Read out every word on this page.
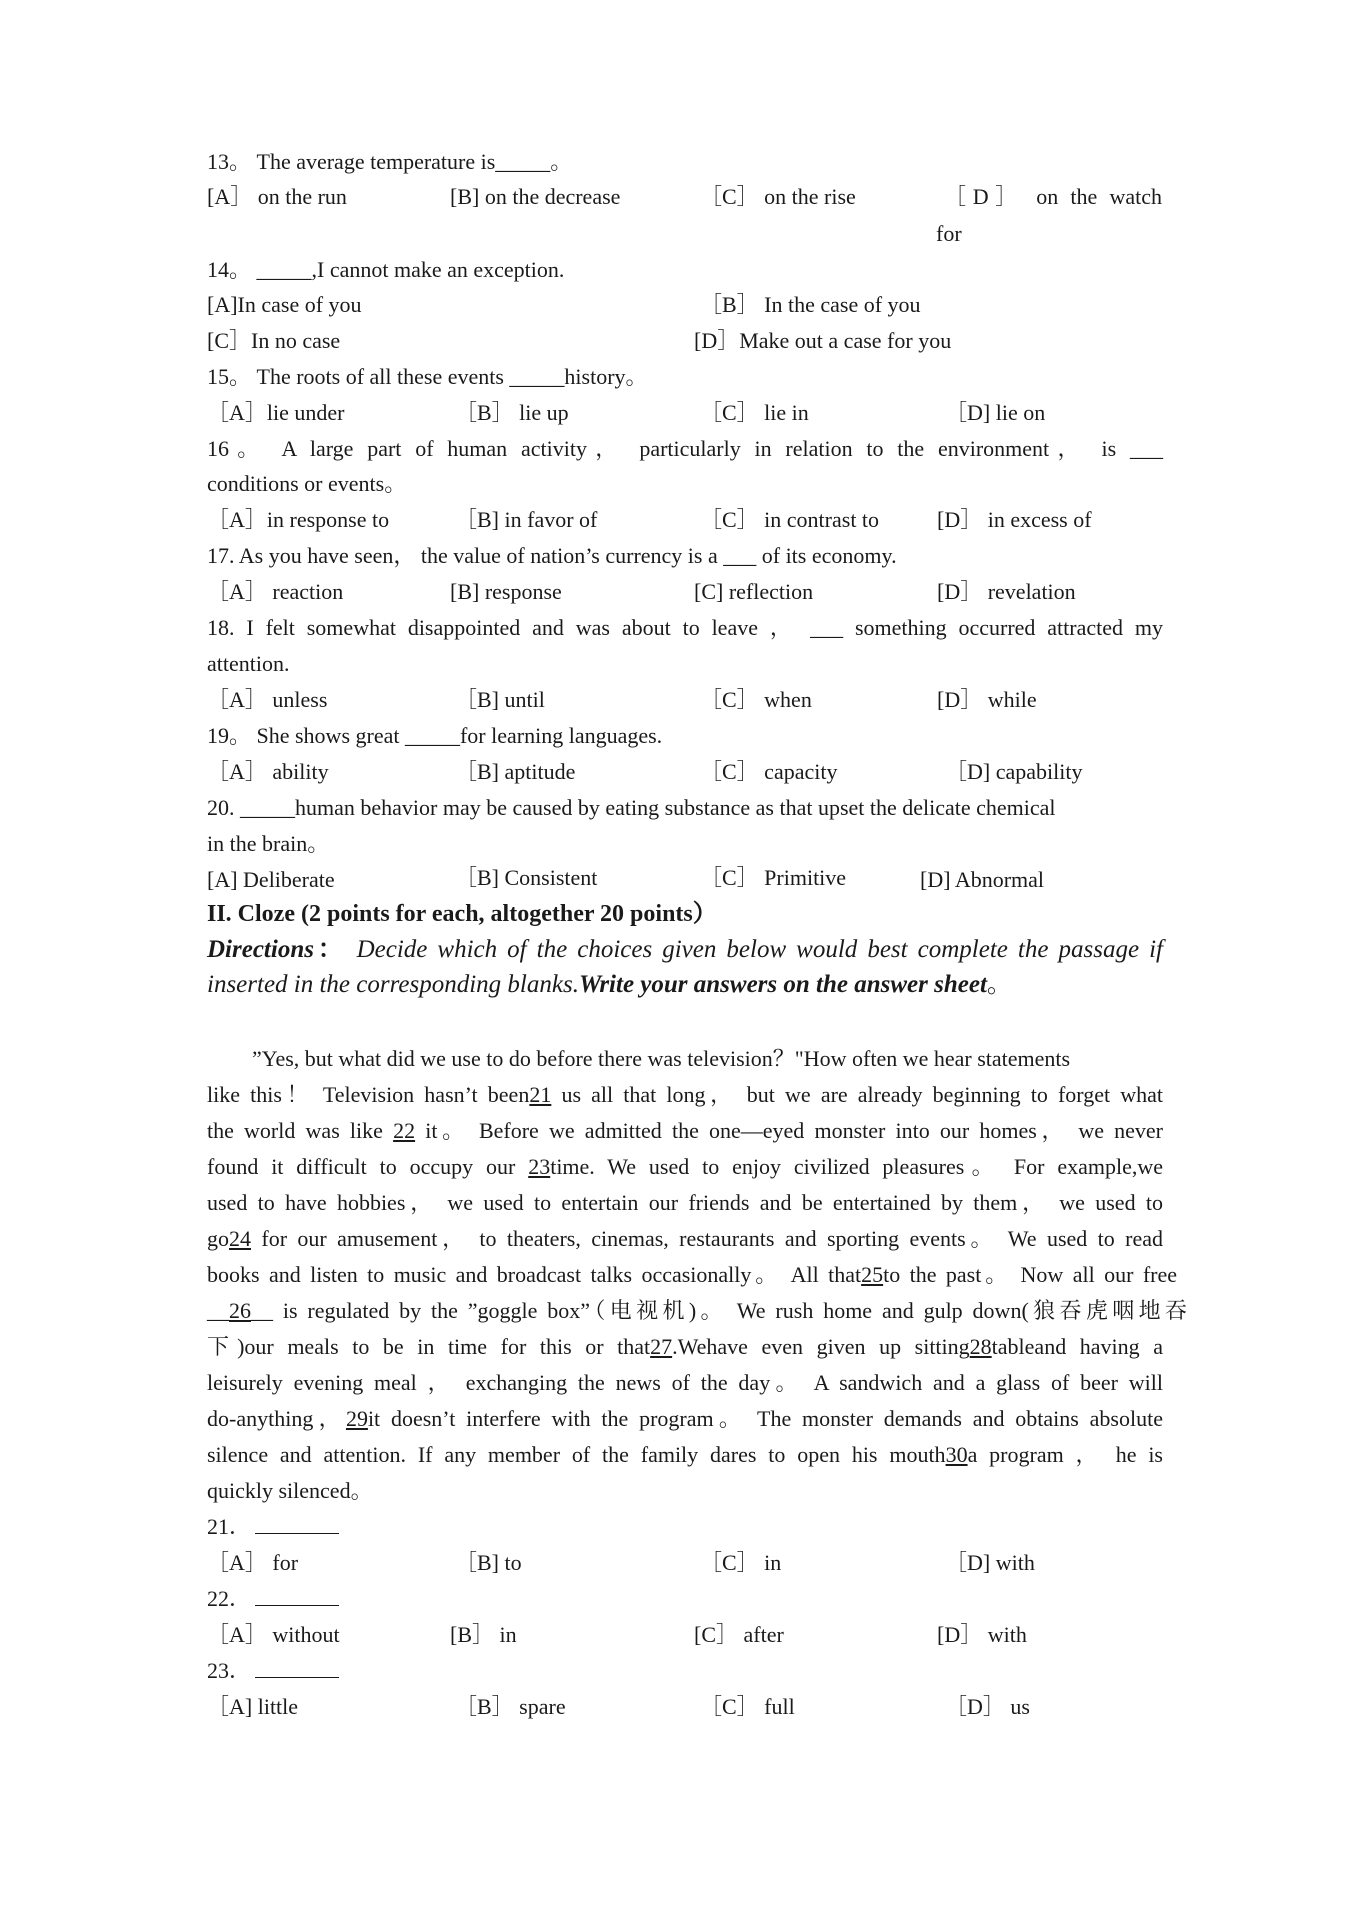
13。 The average temperature is_____。
[A］ on the run	[B] on the decrease	［C］ on the rise	［D］ on the watch
for
14。 _____,I cannot make an exception.
[A]In case of you	［B］ In the case of you
[C］In no case	[D］Make out a case for you
15。 The roots of all these events _____history。
［A］lie under	［B］ lie up	［C］ lie in	［D] lie on
16。 A large part of human activity， particularly in relation to the environment， is ___
conditions or events。
［A］in response to	［B] in favor of	［C］ in contrast to	[D］ in excess of
17. As you have seen， the value of nation’s currency is a ___ of its economy.
［A］ reaction	[B] response	[C] reflection	[D］ revelation
18. I felt somewhat disappointed and was about to leave ， ___ something occurred attracted my
attention.
［A］ unless	［B] until	［C］ when	[D］ while
19。 She shows great _____for learning languages.
［A］ ability	［B] aptitude	［C］ capacity	［D] capability
20. _____human behavior may be caused by eating substance as that upset the delicate chemical
in the brain。
[A] Deliberate	［B] Consistent	［C］ Primitive	[D] Abnormal
II. Cloze (2 points for each, altogether 20 points）
Directions： Decide which of the choices given below would best complete the passage if inserted in the corresponding blanks.Write your answers on the answer sheet。
”Yes, but what did we use to do before there was television？"How often we hear statements
like this！ Television hasn’t been21 us all that long， but we are already beginning to forget what
the world was like 22 it。 Before we admitted the one—eyed monster into our homes， we never
found it difficult to occupy our 23time. We used to enjoy civilized pleasures。 For example,we
used to have hobbies， we used to entertain our friends and be entertained by them， we used to
go24 for our amusement， to theaters, cinemas, restaurants and sporting events。 We used to read
books and listen to music and broadcast talks occasionally。 All that25to the past。 Now all our free
__26__ is regulated by the ”goggle box”（电视机)。 We rush home and gulp down(狼吞虎咽地吞
下)our meals to be in time for this or that27.Wehave even given up sitting28tableand having a
leisurely evening meal ， exchanging the news of the day。 A sandwich and a glass of beer will
do-anything，29it doesn’t interfere with the program。 The monster demands and obtains absolute
silence and attention. If any member of the family dares to open his mouth30a program ， he is
quickly silenced。
21．
［A］ for	［B] to	［C］ in	［D] with
22．
［A］ without	[B］ in	[C］ after	[D］ with
23．
［A] little	［B］ spare	［C］ full	［D］ us
